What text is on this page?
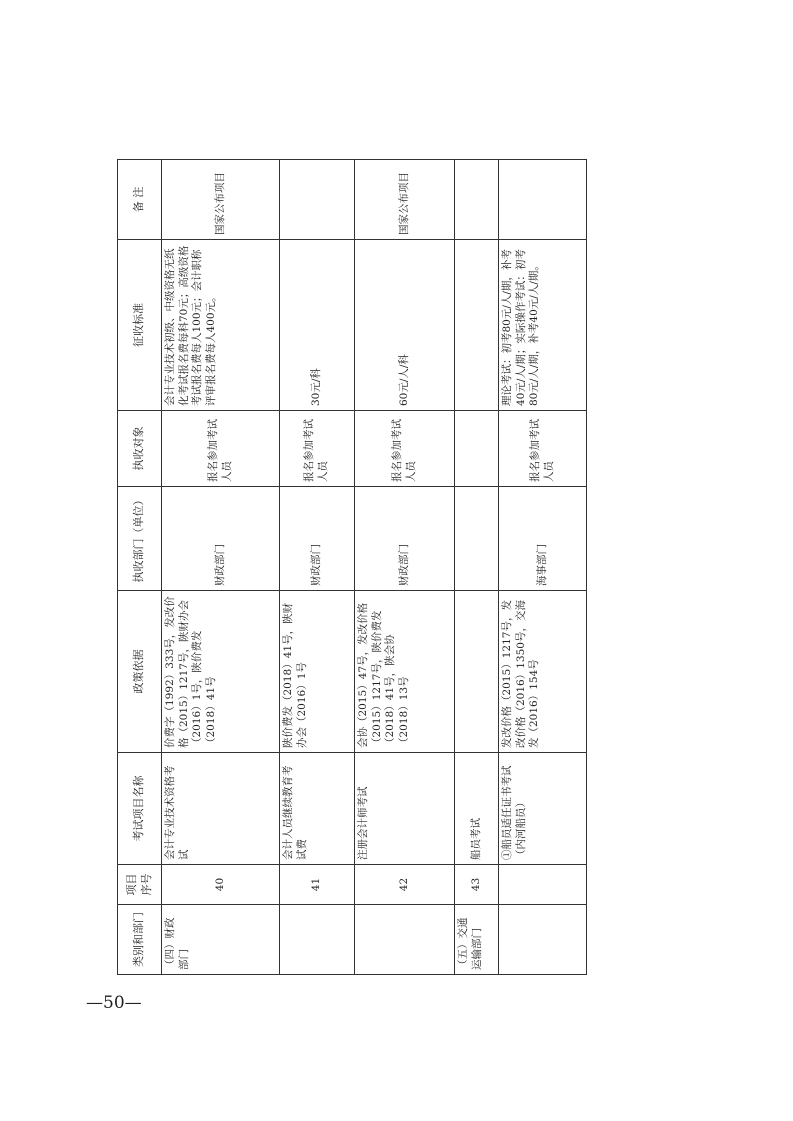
—50—
类别和部门	项目序号	考试项目名称	政策依据	执收部门（单位）	执收对象	征收标准	备 注
（四）财政部门	40	会计专业技术资格考试	价费字（1992）333号，发改价格（2015）1217号，陕财办会（2016）1号，陕价费发（2018）41号	财政部门	报名参加考试人员	会计专业技术初级、中级资格无纸化考试报名费每科70元；高级资格考试报名费每人100元；会计职称评审报名费每人400元。	国家公布项目
	41	会计人员继续教育考试费	陕价费发（2018）41号，陕财办会（2016）1号	财政部门	报名参加考试人员	30元/科	
	42	注册会计师考试	会协（2015）47号，发改价格（2015）1217号，陕价费发（2018）41号，陕会协（2018）13号	财政部门	报名参加考试人员	60元/人/科	国家公布项目
（五）交通运输部门	43	船员考试					
		①船员适任证书考试（内河船员）	发改价格（2015）1217号，发改价格（2016）1350号，交海发（2016）154号	海事部门	报名参加考试人员	理论考试：初考80元/人/期，补考40元/人/期；实际操作考试：初考80元/人/期，补考40元/人/期。	
